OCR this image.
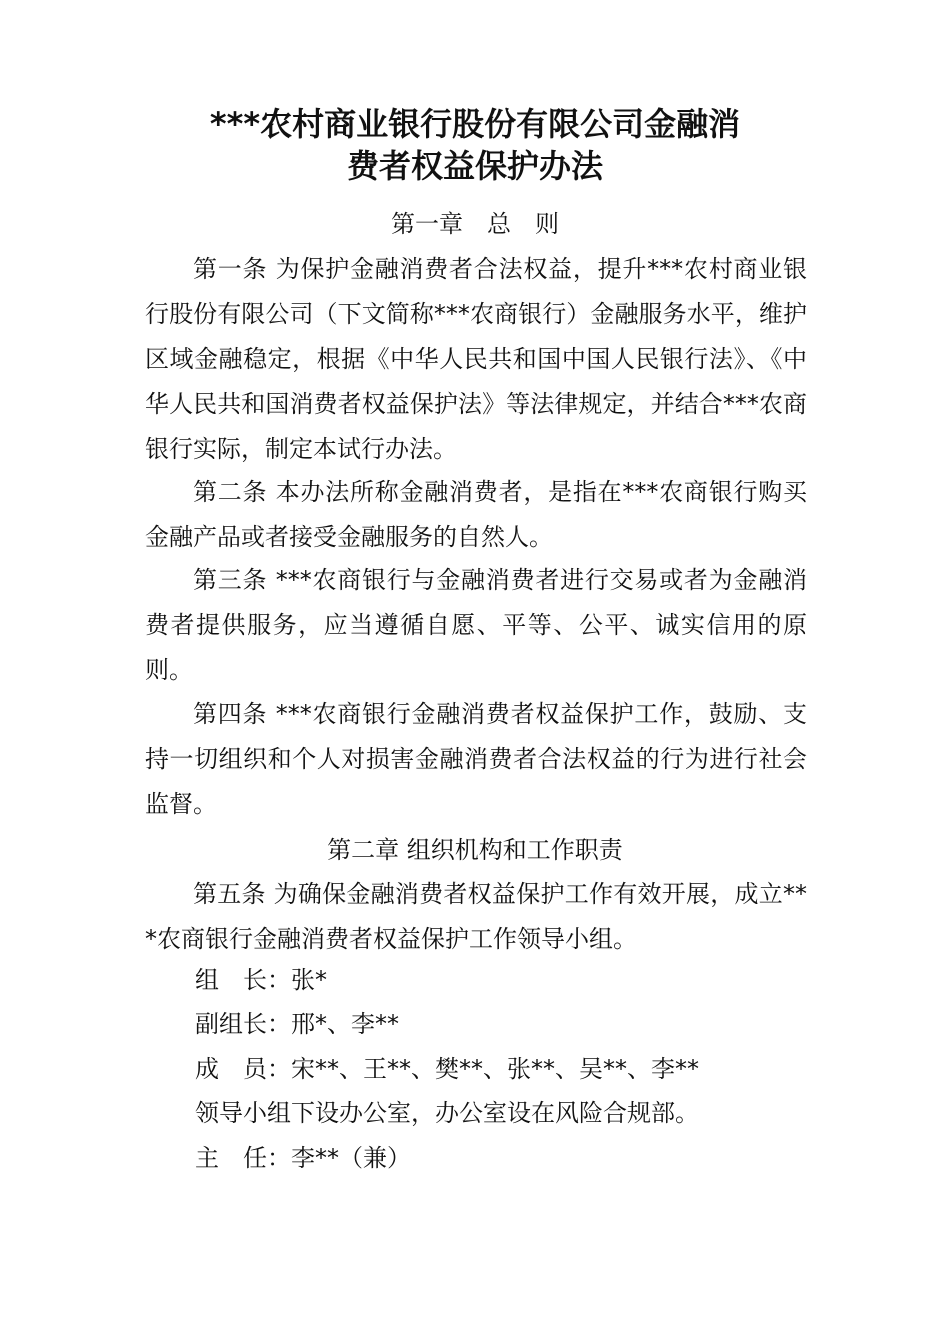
***农村商业银行股份有限公司金融消
费者权益保护办法

第一章　总　则

第一条 为保护金融消费者合法权益，提升***农村商业银行股份有限公司（下文简称***农商银行）金融服务水平，维护区域金融稳定，根据《中华人民共和国中国人民银行法》、《中华人民共和国消费者权益保护法》等法律规定，并结合***农商银行实际，制定本试行办法。

第二条 本办法所称金融消费者，是指在***农商银行购买金融产品或者接受金融服务的自然人。

第三条 ***农商银行与金融消费者进行交易或者为金融消费者提供服务，应当遵循自愿、平等、公平、诚实信用的原则。

第四条 ***农商银行金融消费者权益保护工作，鼓励、支持一切组织和个人对损害金融消费者合法权益的行为进行社会监督。

第二章 组织机构和工作职责

第五条 为确保金融消费者权益保护工作有效开展，成立***农商银行金融消费者权益保护工作领导小组。

组　长：张*

副组长：邢*、李**

成　员：宋**、王**、樊**、张**、吴**、李**

领导小组下设办公室，办公室设在风险合规部。

主　任：李**（兼）
